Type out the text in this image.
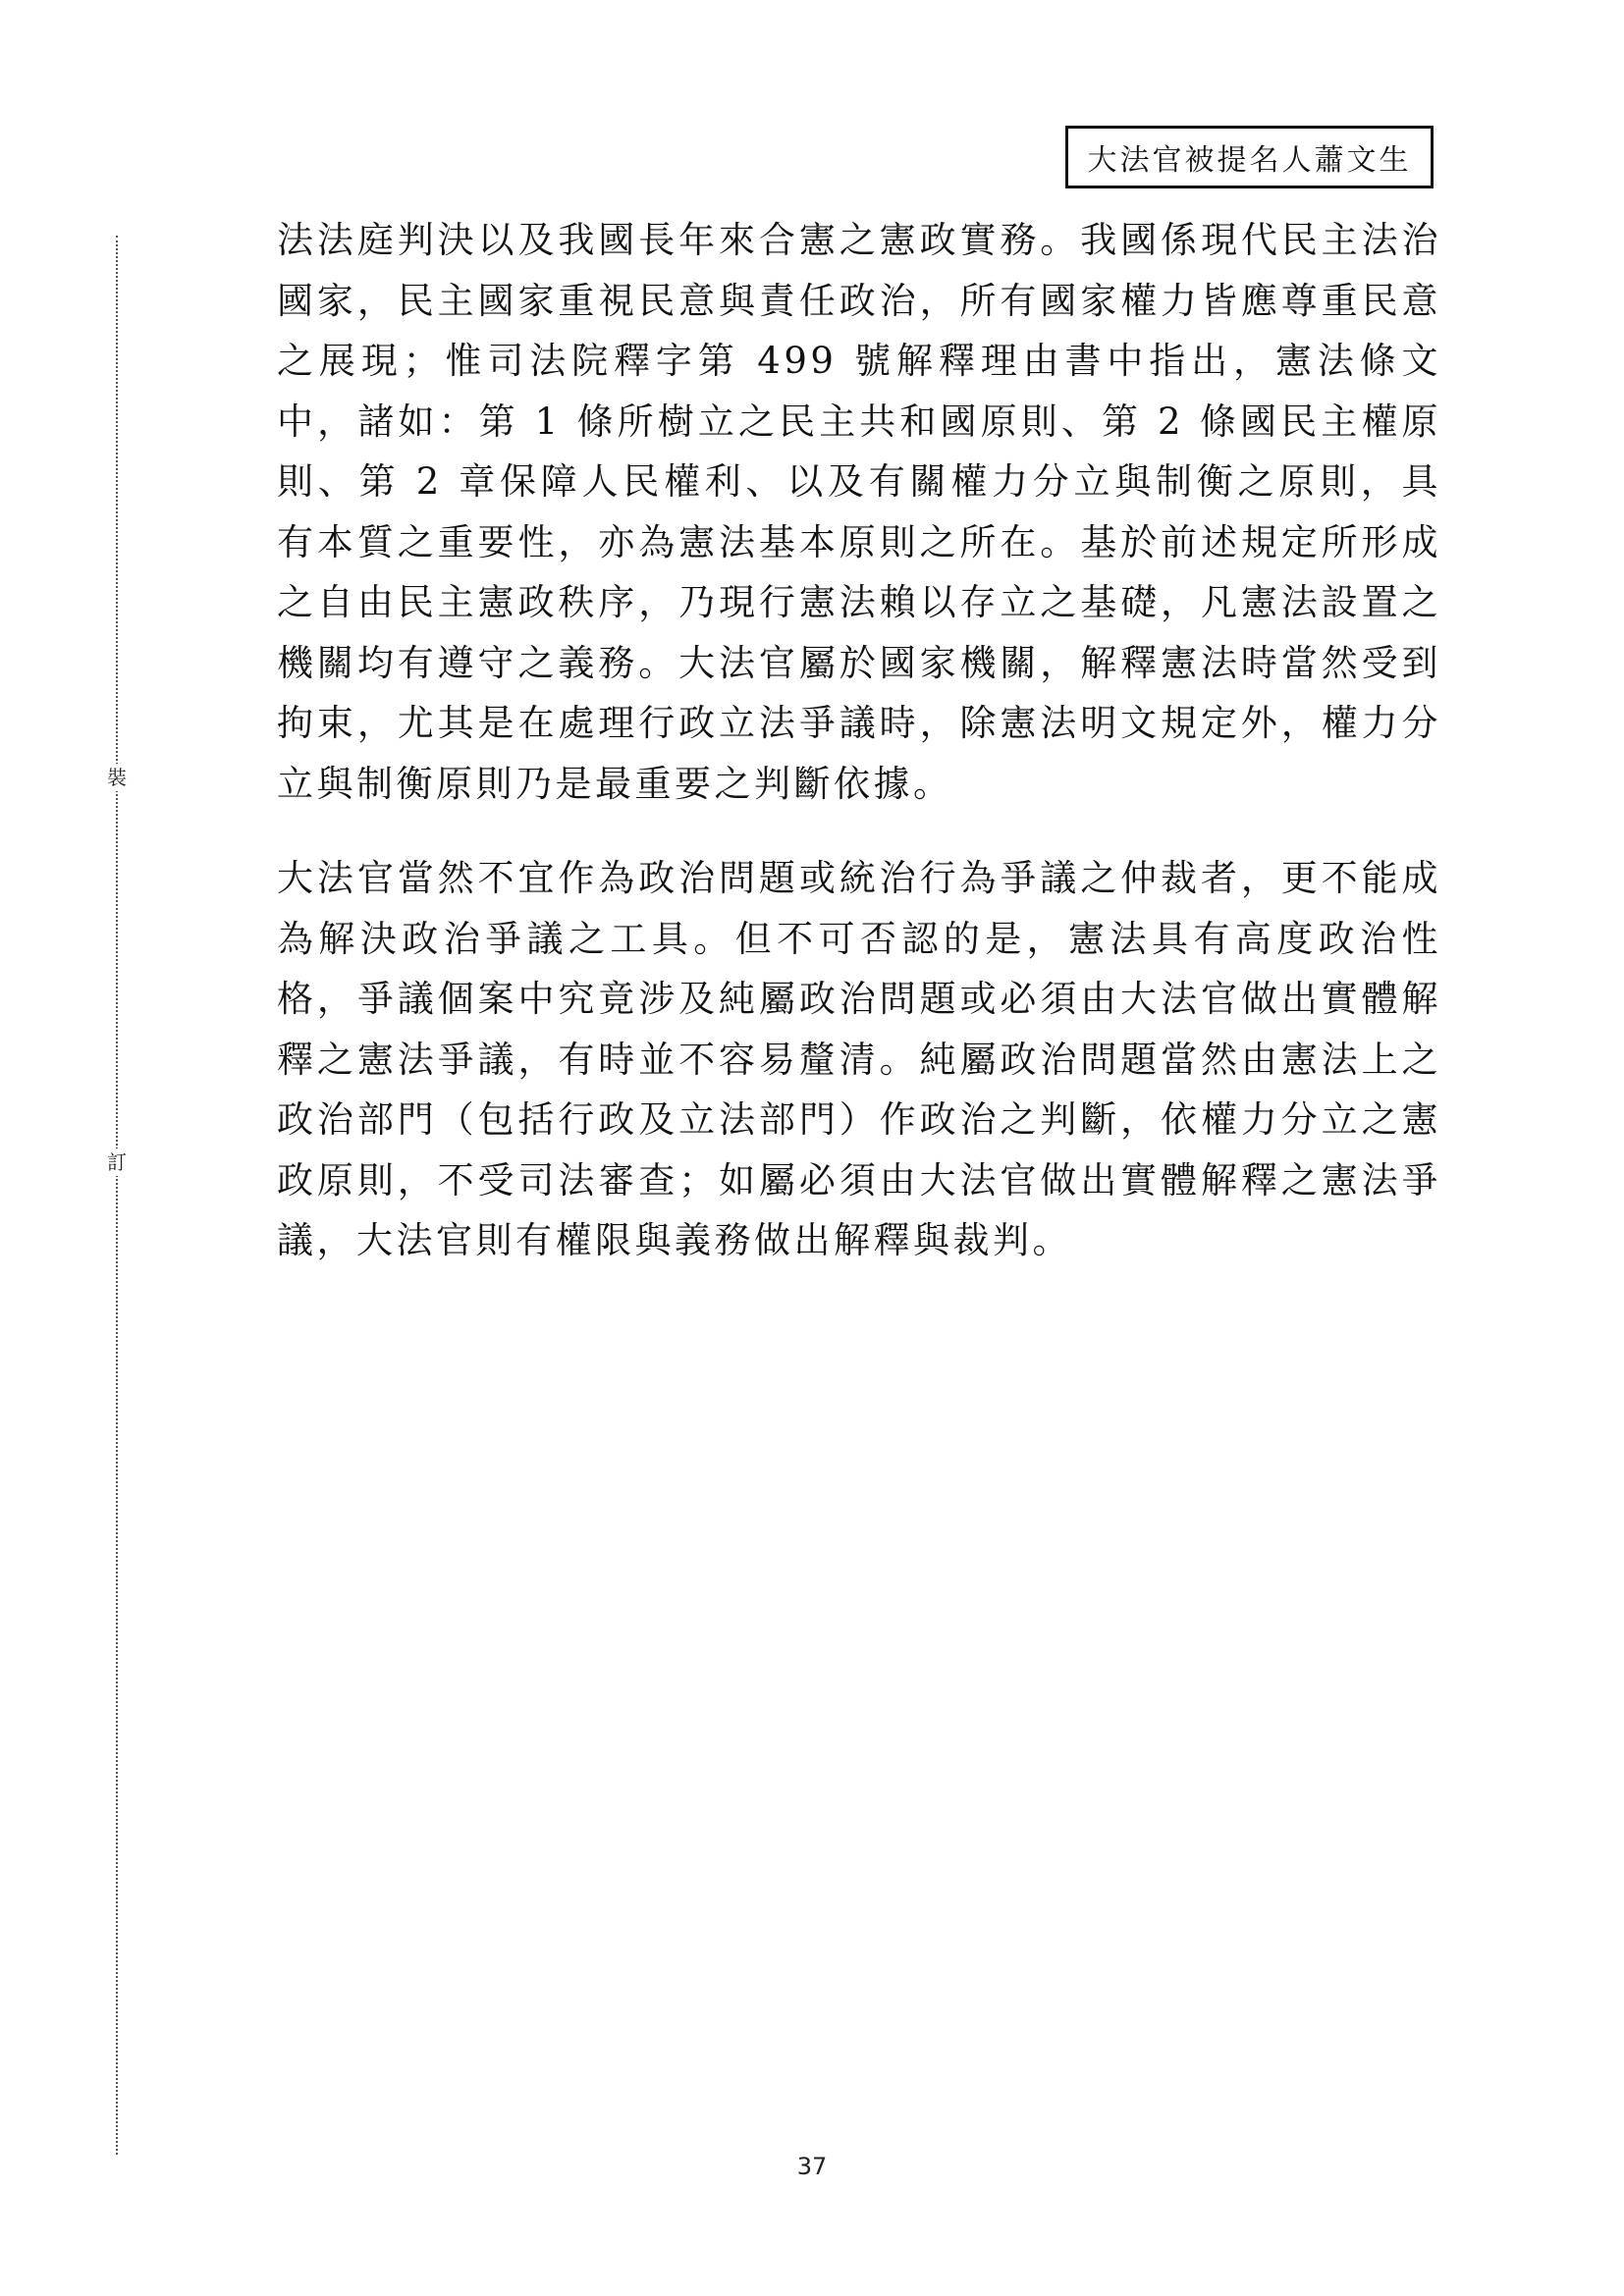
大法官被提名人蕭文生
裝
訂

法法庭判決以及我國長年來合憲之憲政實務。我國係現代民主法治國家，民主國家重視民意與責任政治，所有國家權力皆應尊重民意之展現；惟司法院釋字第 499 號解釋理由書中指出，憲法條文中，諸如：第 1 條所樹立之民主共和國原則、第 2 條國民主權原則、第 2 章保障人民權利、以及有關權力分立與制衡之原則，具有本質之重要性，亦為憲法基本原則之所在。基於前述規定所形成之自由民主憲政秩序，乃現行憲法賴以存立之基礎，凡憲法設置之機關均有遵守之義務。大法官屬於國家機關，解釋憲法時當然受到拘束，尤其是在處理行政立法爭議時，除憲法明文規定外，權力分立與制衡原則乃是最重要之判斷依據。

大法官當然不宜作為政治問題或統治行為爭議之仲裁者，更不能成為解決政治爭議之工具。但不可否認的是，憲法具有高度政治性格，爭議個案中究竟涉及純屬政治問題或必須由大法官做出實體解釋之憲法爭議，有時並不容易釐清。純屬政治問題當然由憲法上之政治部門（包括行政及立法部門）作政治之判斷，依權力分立之憲政原則，不受司法審查；如屬必須由大法官做出實體解釋之憲法爭議，大法官則有權限與義務做出解釋與裁判。

37
